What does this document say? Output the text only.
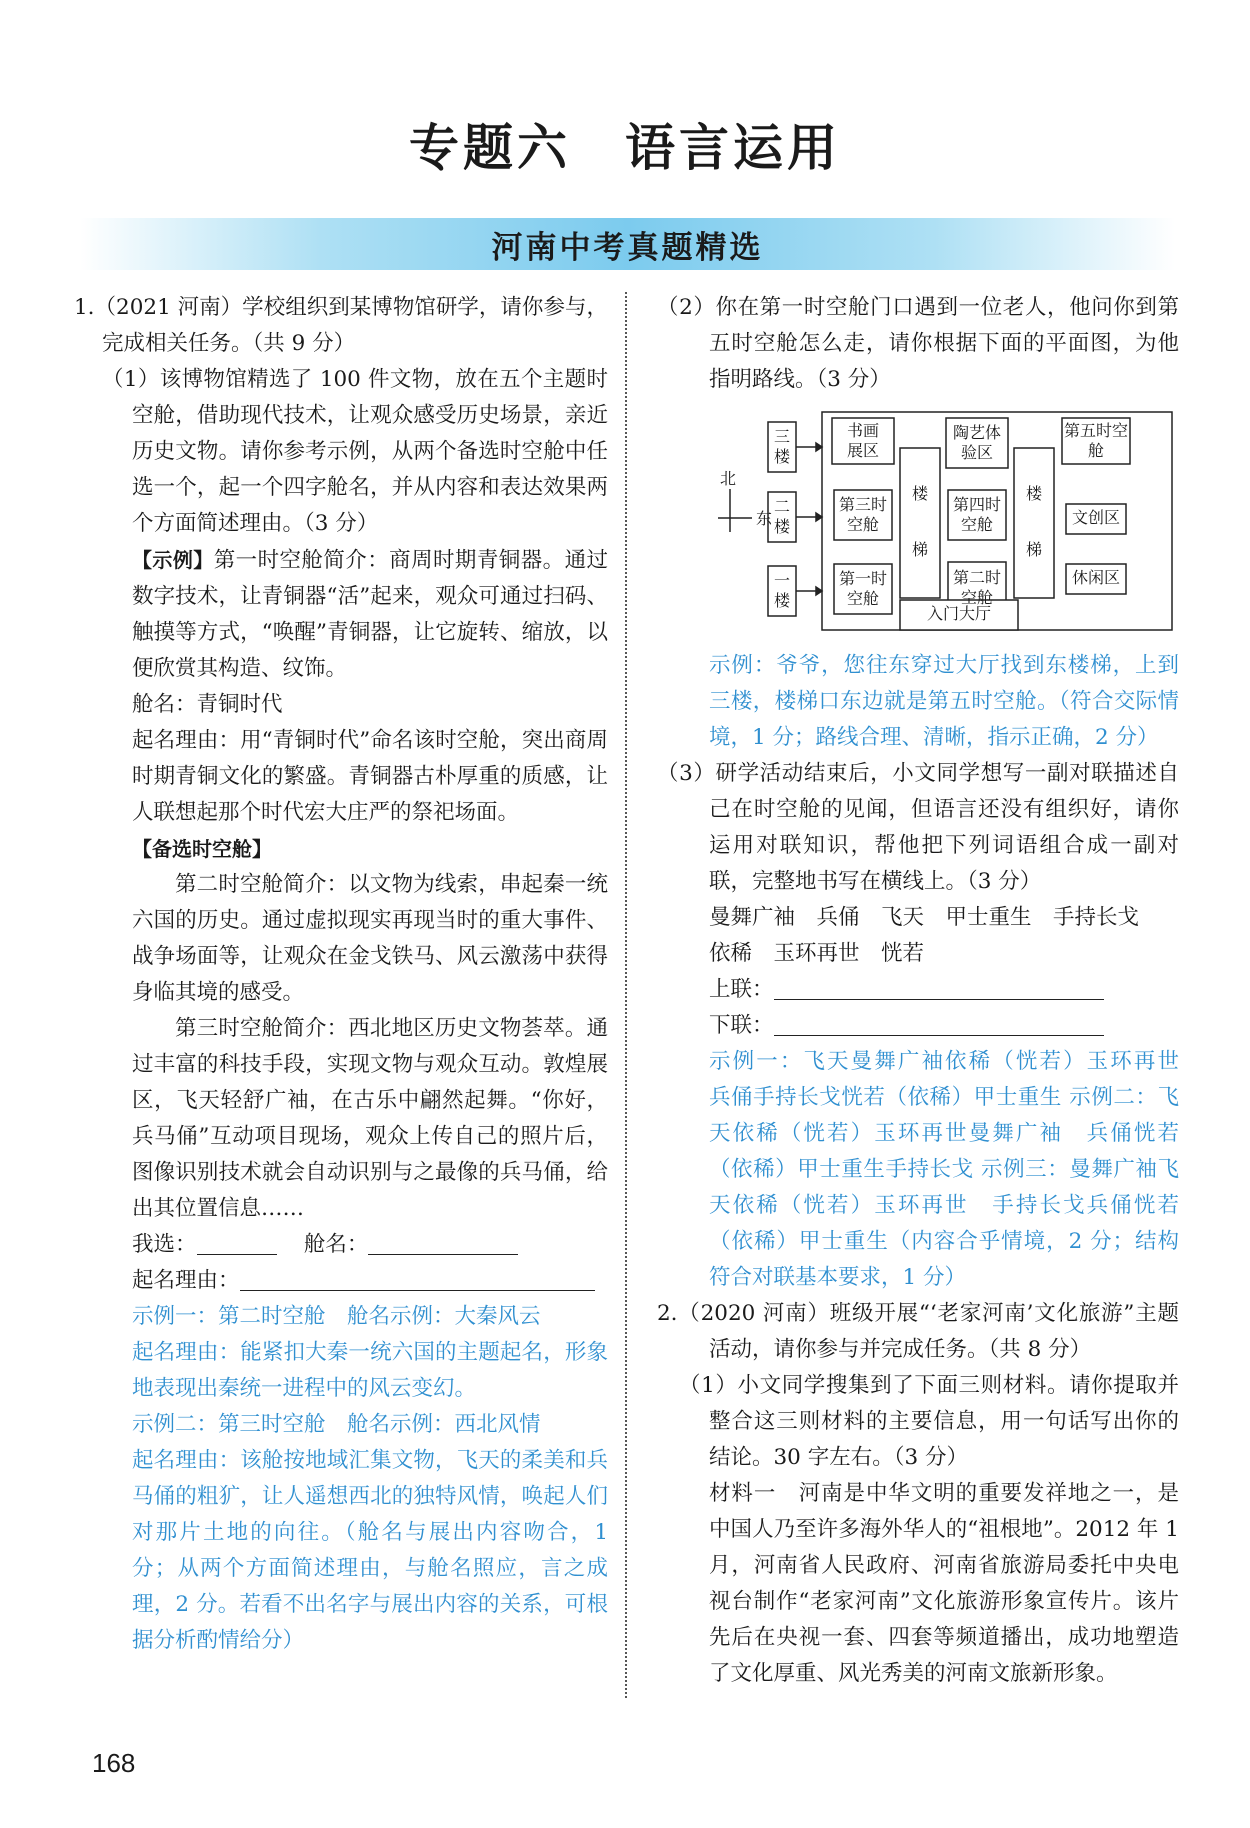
专题六　语言运用
河南中考真题精选

1.（2021 河南）学校组织到某博物馆研学，请你参与，完成相关任务。（共 9 分）

（1）该博物馆精选了 100 件文物，放在五个主题时空舱，借助现代技术，让观众感受历史场景，亲近历史文物。请你参考示例，从两个备选时空舱中任选一个，起一个四字舱名，并从内容和表达效果两个方面简述理由。（3 分）

【示例】第一时空舱简介：商周时期青铜器。通过数字技术，让青铜器“活”起来，观众可通过扫码、触摸等方式，“唤醒”青铜器，让它旋转、缩放，以便欣赏其构造、纹饰。

舱名：青铜时代

起名理由：用“青铜时代”命名该时空舱，突出商周时期青铜文化的繁盛。青铜器古朴厚重的质感，让人联想起那个时代宏大庄严的祭祀场面。

【备选时空舱】

第二时空舱简介：以文物为线索，串起秦一统六国的历史。通过虚拟现实再现当时的重大事件、战争场面等，让观众在金戈铁马、风云激荡中获得身临其境的感受。

第三时空舱简介：西北地区历史文物荟萃。通过丰富的科技手段，实现文物与观众互动。敦煌展区，飞天轻舒广袖，在古乐中翩然起舞。“你好，兵马俑”互动项目现场，观众上传自己的照片后，图像识别技术就会自动识别与之最像的兵马俑，给出其位置信息……

我选：	舱名：

起名理由：

示例一：第二时空舱　舱名示例：大秦风云

起名理由：能紧扣大秦一统六国的主题起名，形象地表现出秦统一进程中的风云变幻。

示例二：第三时空舱　舱名示例：西北风情

起名理由：该舱按地域汇集文物，飞天的柔美和兵马俑的粗犷，让人遥想西北的独特风情，唤起人们对那片土地的向往。（舱名与展出内容吻合，1 分；从两个方面简述理由，与舱名照应，言之成理，2 分。若看不出名字与展出内容的关系，可根据分析酌情给分）

（2）你在第一时空舱门口遇到一位老人，他问你到第五时空舱怎么走，请你根据下面的平面图，为他指明路线。（3 分）

示例：爷爷，您往东穿过大厅找到东楼梯，上到三楼，楼梯口东边就是第五时空舱。（符合交际情境，1 分；路线合理、清晰，指示正确，2 分）

（3）研学活动结束后，小文同学想写一副对联描述自己在时空舱的见闻，但语言还没有组织好，请你运用对联知识，帮他把下列词语组合成一副对联，完整地书写在横线上。（3 分）

曼舞广袖　兵俑　飞天　甲士重生　手持长戈

依稀　玉环再世　恍若

上联：

下联：

示例一：飞天曼舞广袖依稀（恍若）玉环再世　兵俑手持长戈恍若（依稀）甲士重生 示例二：飞天依稀（恍若）玉环再世曼舞广袖　兵俑恍若（依稀）甲士重生手持长戈 示例三：曼舞广袖飞天依稀（恍若）玉环再世　手持长戈兵俑恍若（依稀）甲士重生（内容合乎情境，2 分；结构符合对联基本要求，1 分）

2.（2020 河南）班级开展“‘老家河南’文化旅游”主题活动，请你参与并完成任务。（共 8 分）

（1）小文同学搜集到了下面三则材料。请你提取并整合这三则材料的主要信息，用一句话写出你的结论。30 字左右。（3 分）

材料一　河南是中华文明的重要发祥地之一，是中国人乃至许多海外华人的“祖根地”。2012 年 1 月，河南省人民政府、河南省旅游局委托中央电视台制作“老家河南”文化旅游形象宣传片。该片先后在央视一套、四套等频道播出，成功地塑造了文化厚重、风光秀美的河南文旅新形象。

北
东
三楼
二楼
一楼
书画展区
第三时空舱
第一时空舱
楼梯
陶艺体验区
第四时空舱
第二时空舱
楼梯
第五时空舱
文创区
休闲区
入门大厅
168
